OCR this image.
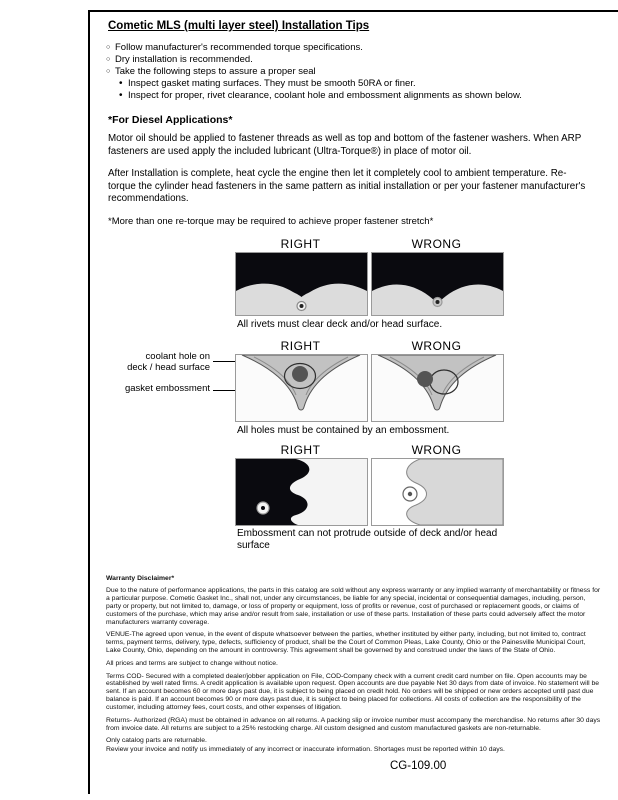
Cometic MLS (multi layer steel) Installation Tips
○ Follow manufacturer's recommended torque specifications.
○ Dry installation is recommended.
○ Take the following steps to assure a proper seal
• Inspect gasket mating surfaces. They must be smooth 50RA or finer.
• Inspect for proper, rivet clearance, coolant hole and embossment alignments as shown below.
*For Diesel Applications*

Motor oil should be applied to fastener threads as well as top and bottom of the fastener washers. When ARP fasteners are used apply the included lubricant (Ultra-Torque®) in place of motor oil.

After Installation is complete, heat cycle the engine then let it completely cool to ambient temperature. Re-torque the cylinder head fasteners in the same pattern as initial installation or per your fastener manufacturer's recommendations.

*More than one re-torque may be required to achieve proper fastener stretch*

RIGHT	WRONG
All rivets must clear deck and/or head surface.
coolant hole on
deck / head surface
gasket embossment
RIGHT	WRONG
All holes must be contained by an embossment.
RIGHT	WRONG
Embossment can not protrude outside of deck and/or head surface

Warranty Disclaimer*

Due to the nature of performance applications, the parts in this catalog are sold without any express warranty or any implied warranty of merchantability or fitness for a particular purpose. Cometic Gasket Inc., shall not, under any circumstances, be liable for any special, incidental or consequential damages, including, person, party or property, but not limited to, damage, or loss of property or equipment, loss of profits or revenue, cost of purchased or replacement goods, or claims of customers of the purchase, which may arise and/or result from sale, installation or use of these parts. Installation of these parts could adversely affect the motor manufacturers warranty coverage.

VENUE-The agreed upon venue, in the event of dispute whatsoever between the parties, whether instituted by either party, including, but not limited to, contract terms, payment terms, delivery, type, defects, sufficiency of product, shall be the Court of Common Pleas, Lake County, Ohio or the Painesville Municipal Court, Lake County, Ohio, depending on the amount in controversy. This agreement shall be governed by and construed under the laws of the State of Ohio.

All prices and terms are subject to change without notice.

Terms COD- Secured with a completed dealer/jobber application on File, COD-Company check with a current credit card number on file. Open accounts may be established by well rated firms. A credit application is available upon request. Open accounts are due payable Net 30 days from date of invoice. No statement will be sent. If an account becomes 60 or more days past due, it is subject to being placed on credit hold. No orders will be shipped or new orders accepted until past due balance is paid. If an account becomes 90 or more days past due, it is subject to being placed for collections. All costs of collection are the responsibility of the customer, including attorney fees, court costs, and other expenses of litigation.

Returns- Authorized (RGA) must be obtained in advance on all returns. A packing slip or invoice number must accompany the merchandise. No returns after 30 days from invoice date. All returns are subject to a 25% restocking charge. All custom designed and custom manufactured gaskets are non-returnable.

Only catalog parts are returnable.

Review your invoice and notify us immediately of any incorrect or inaccurate information. Shortages must be reported within 10 days.

CG-109.00
